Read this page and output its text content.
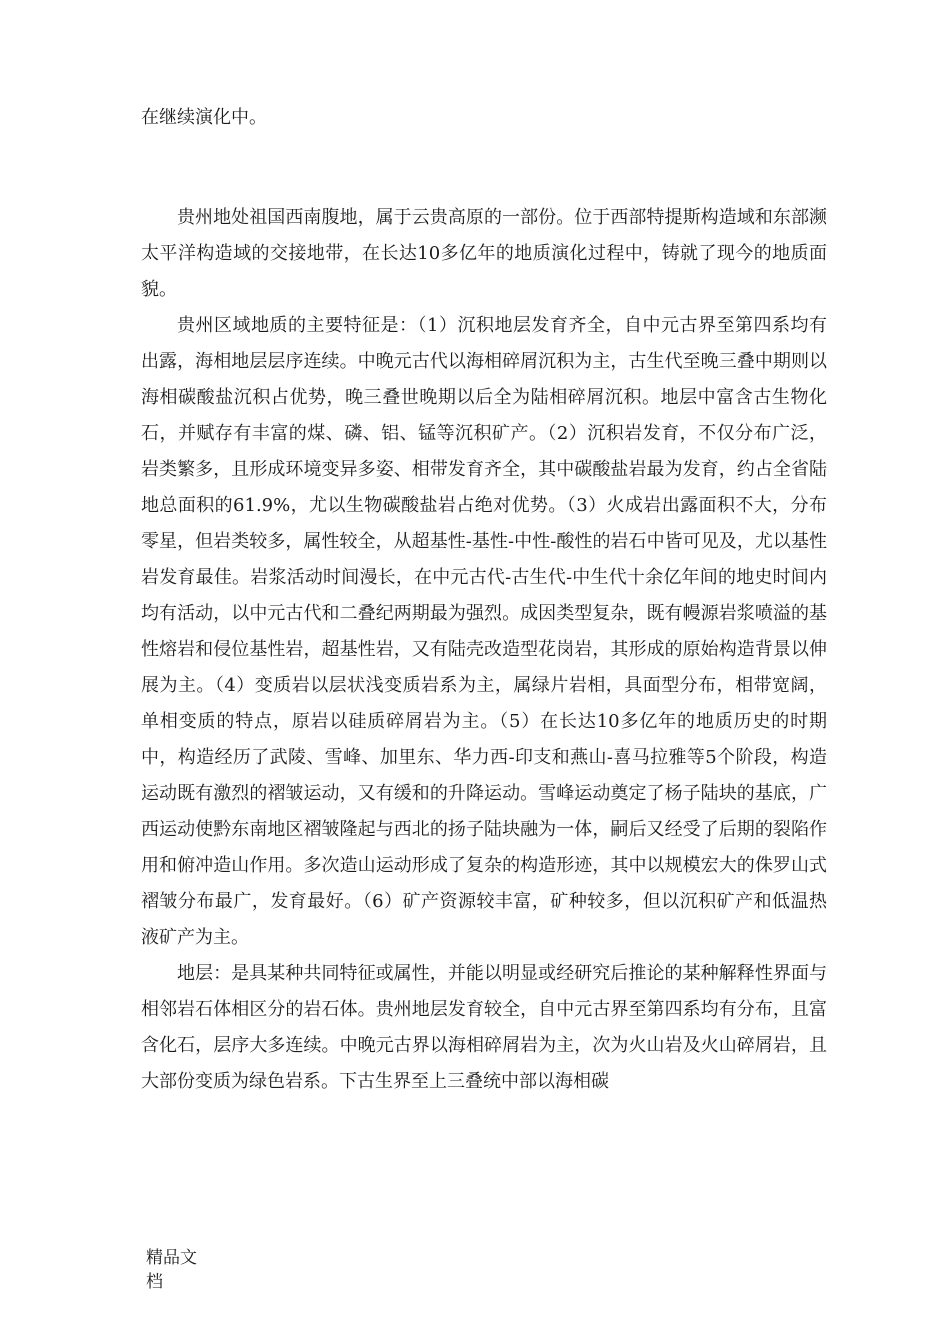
在继续演化中。

贵州地处祖国西南腹地，属于云贵高原的一部份。位于西部特提斯构造域和东部濒太平洋构造域的交接地带，在长达10多亿年的地质演化过程中，铸就了现今的地质面貌。

贵州区域地质的主要特征是：（1）沉积地层发育齐全，自中元古界至第四系均有出露，海相地层层序连续。中晚元古代以海相碎屑沉积为主，古生代至晚三叠中期则以海相碳酸盐沉积占优势，晚三叠世晚期以后全为陆相碎屑沉积。地层中富含古生物化石，并赋存有丰富的煤、磷、铝、锰等沉积矿产。（2）沉积岩发育，不仅分布广泛，岩类繁多，且形成环境变异多姿、相带发育齐全，其中碳酸盐岩最为发育，约占全省陆地总面积的61.9%，尤以生物碳酸盐岩占绝对优势。（3）火成岩出露面积不大，分布零星，但岩类较多，属性较全，从超基性-基性-中性-酸性的岩石中皆可见及，尤以基性岩发育最佳。岩浆活动时间漫长，在中元古代-古生代-中生代十余亿年间的地史时间内均有活动，以中元古代和二叠纪两期最为强烈。成因类型复杂，既有幔源岩浆喷溢的基性熔岩和侵位基性岩，超基性岩，又有陆壳改造型花岗岩，其形成的原始构造背景以伸展为主。（4）变质岩以层状浅变质岩系为主，属绿片岩相，具面型分布，相带宽阔，单相变质的特点，原岩以硅质碎屑岩为主。（5）在长达10多亿年的地质历史的时期中，构造经历了武陵、雪峰、加里东、华力西-印支和燕山-喜马拉雅等5个阶段，构造运动既有激烈的褶皱运动，又有缓和的升降运动。雪峰运动奠定了杨子陆块的基底，广西运动使黔东南地区褶皱隆起与西北的扬子陆块融为一体，嗣后又经受了后期的裂陷作用和俯冲造山作用。多次造山运动形成了复杂的构造形迹，其中以规模宏大的侏罗山式褶皱分布最广，发育最好。（6）矿产资源较丰富，矿种较多，但以沉积矿产和低温热液矿产为主。

地层：是具某种共同特征或属性，并能以明显或经研究后推论的某种解释性界面与相邻岩石体相区分的岩石体。贵州地层发育较全，自中元古界至第四系均有分布，且富含化石，层序大多连续。中晚元古界以海相碎屑岩为主，次为火山岩及火山碎屑岩，且大部份变质为绿色岩系。下古生界至上三叠统中部以海相碳

精品文档
